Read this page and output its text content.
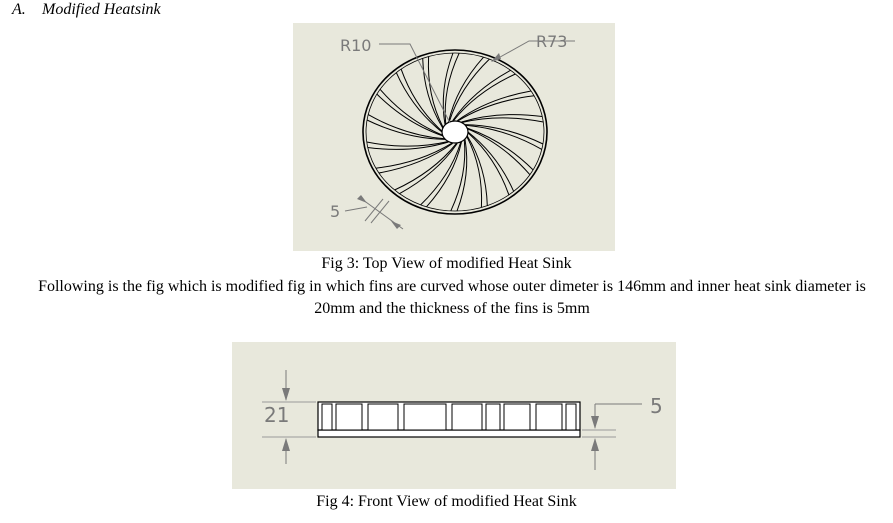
A. Modified Heatsink
R10	R73
5
Fig 3: Top View of modified Heat Sink
Following is the fig which is modified fig in which fins are curved whose outer dimeter is 146mm and inner heat sink diameter is 20mm and the thickness of the fins is 5mm
21	5
Fig 4: Front View of modified Heat Sink
